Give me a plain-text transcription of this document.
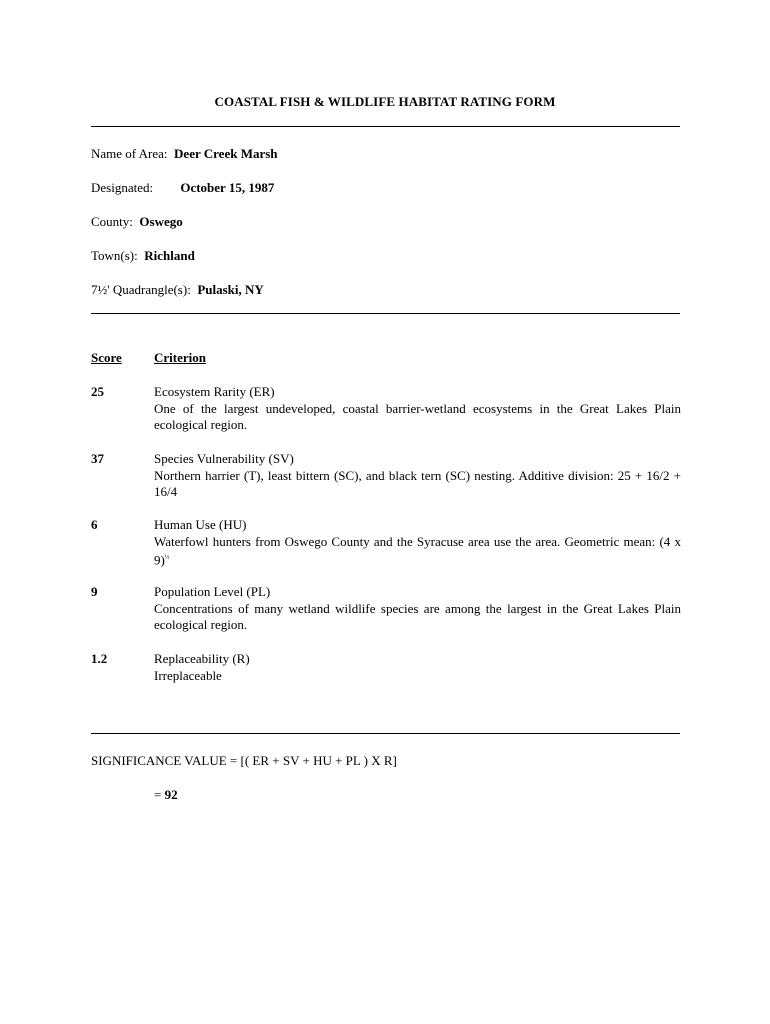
COASTAL FISH & WILDLIFE HABITAT RATING FORM
Name of Area: Deer Creek Marsh
Designated: October 15, 1987
County: Oswego
Town(s): Richland
7½' Quadrangle(s): Pulaski, NY
Score Criterion
25	Ecosystem Rarity (ER)
One of the largest undeveloped, coastal barrier-wetland ecosystems in the Great Lakes Plain ecological region.
37	Species Vulnerability (SV)
Northern harrier (T), least bittern (SC), and black tern (SC) nesting. Additive division: 25 + 16/2 + 16/4
6	Human Use (HU)
Waterfowl hunters from Oswego County and the Syracuse area use the area. Geometric mean: (4 x 9)$^{\frac{1}{2}}$
9	Population Level (PL)
Concentrations of many wetland wildlife species are among the largest in the Great Lakes Plain ecological region.
1.2	Replaceability (R)
Irreplaceable
SIGNIFICANCE VALUE = [( ER + SV + HU + PL ) X R]
= 92
